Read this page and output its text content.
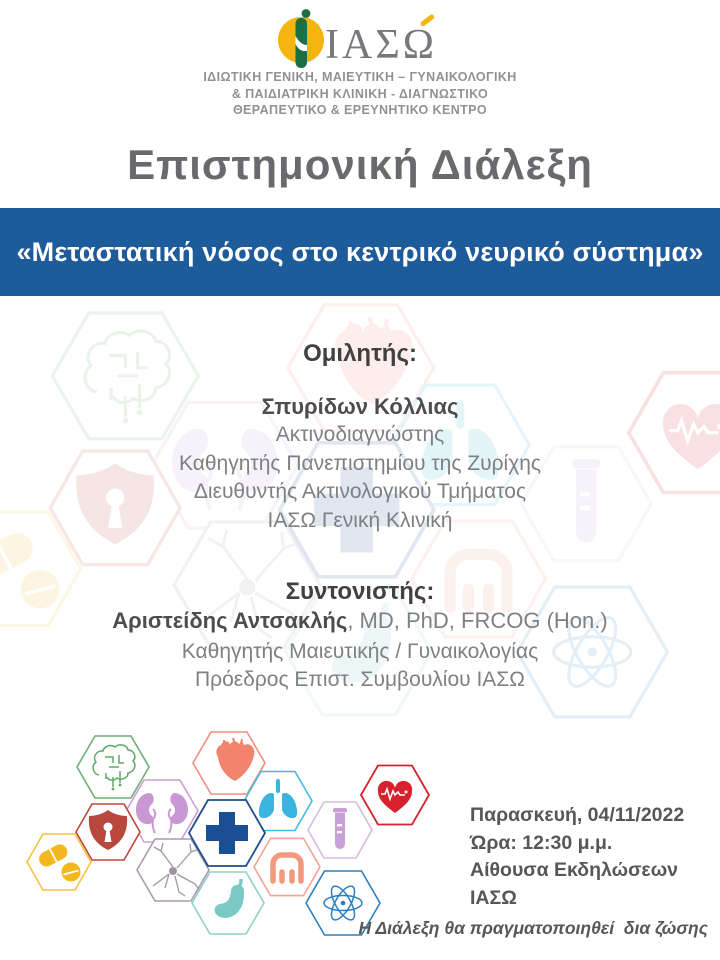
ΙΑΣΩ
ΙΔΙΩΤΙΚΗ ΓΕΝΙΚΗ, ΜΑΙΕΥΤΙΚΗ – ΓΥΝΑΙΚΟΛΟΓΙΚΗ
& ΠΑΙΔΙΑΤΡΙΚΗ ΚΛΙΝΙΚΗ - ΔΙΑΓΝΩΣΤΙΚΟ
ΘΕΡΑΠΕΥΤΙΚΟ & ΕΡΕΥΝΗΤΙΚΟ ΚΕΝΤΡΟ
Επιστημονική Διάλεξη
«Μεταστατική νόσος στο κεντρικό νευρικό σύστημα»
Ομιλητής:
Σπυρίδων Κόλλιας
Ακτινοδιαγνώστης
Καθηγητής Πανεπιστημίου της Ζυρίχης
Διευθυντής Ακτινολογικού Τμήματος
ΙΑΣΩ Γενική Κλινική
Συντονιστής:
Αριστείδης Αντσακλής, MD, PhD, FRCOG (Hon.)
Καθηγητής Μαιευτικής / Γυναικολογίας
Πρόεδρος Επιστ. Συμβουλίου ΙΑΣΩ
Παρασκευή, 04/11/2022
Ώρα: 12:30 μ.μ.
Αίθουσα Εκδηλώσεων ΙΑΣΩ
Η Διάλεξη θα πραγματοποιηθεί  δια ζώσης
